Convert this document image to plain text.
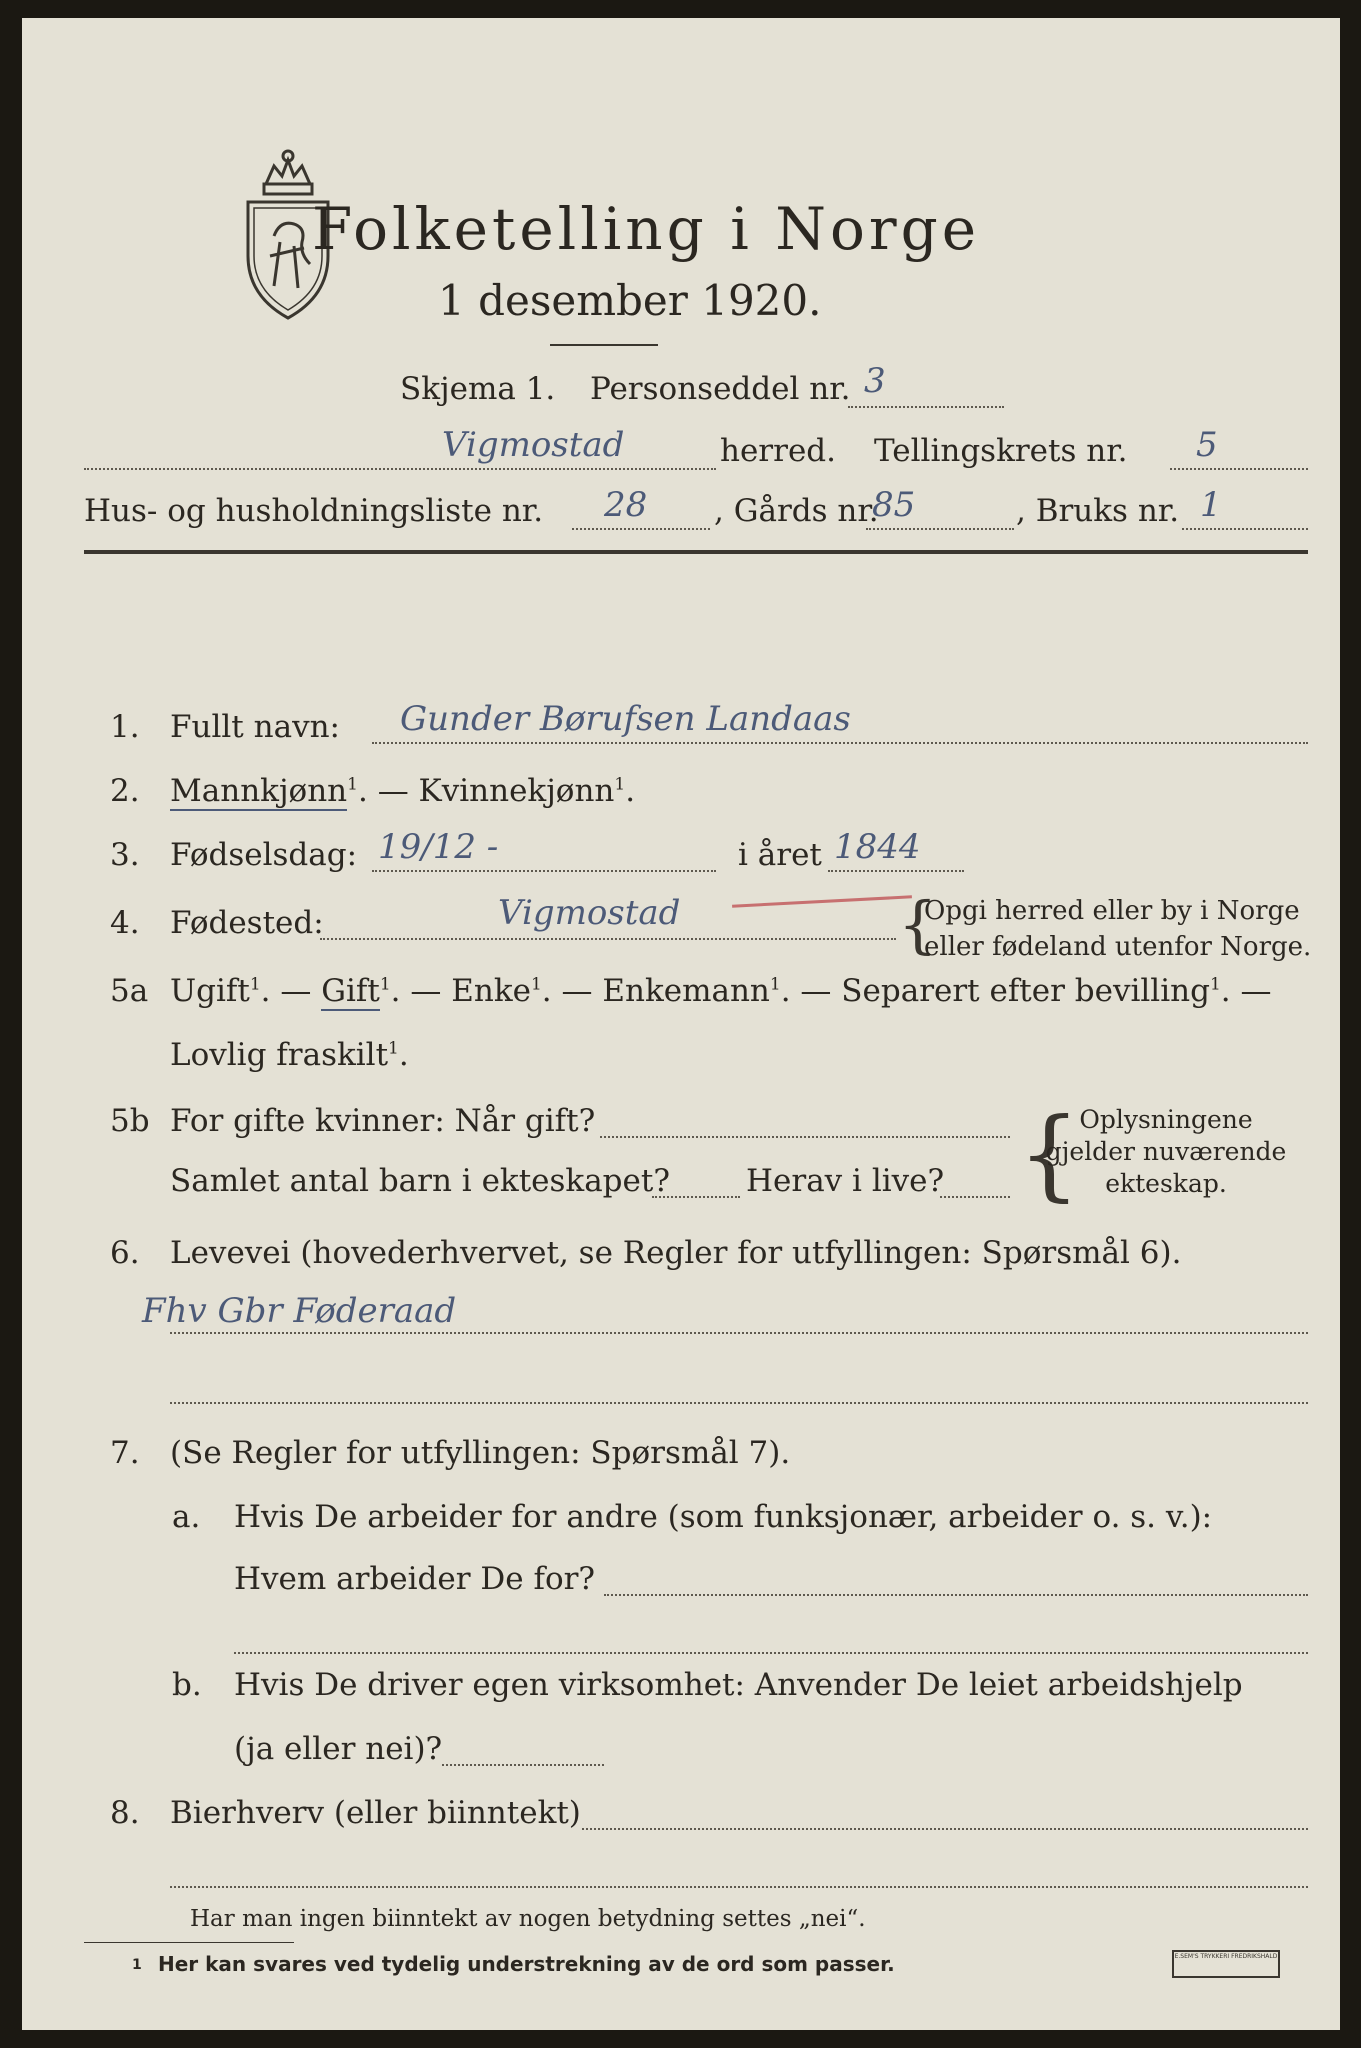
Folketelling i Norge
1 desember 1920.
Skjema 1. Personseddel nr. 3
Vigmostad	herred. Tellingskrets nr. 5
Hus- og husholdningsliste nr. 28 , Gårds nr.
85	, Bruks nr. 1
1. Fullt navn: Gunder Børufsen Landaas
2. Mannkjønn$^1$. — Kvinnekjønn$^1$.
3. Fødselsdag: 19/12 -	i året 1844
4. Fødested:	Vigmostad	{
Opgi herred eller by i Norge
eller fødeland utenfor Norge.
5a Ugift$^1$. — Gift$^1$. — Enke$^1$. — Enkemann$^1$. — Separert efter bevilling$^1$. —
Lovlig fraskilt$^1$.
5b For gifte kvinner: Når gift?
Samlet antal barn i ekteskapet? Herav i live? {
Oplysningene
gjelder nuværende
ekteskap.
6. Levevei (hovederhvervet, se Regler for utfyllingen: Spørsmål 6).
Fhv Gbr Føderaad
7. (Se Regler for utfyllingen: Spørsmål 7).
a. Hvis De arbeider for andre (som funksjonær, arbeider o. s. v.):
Hvem arbeider De for?
b. Hvis De driver egen virksomhet: Anvender De leiet arbeidshjelp
(ja eller nei)?
8. Bierhverv (eller biinntekt)
Har man ingen biinntekt av nogen betydning settes „nei“.
1 Her kan svares ved tydelig understrekning av de ord som passer.	E.SEM'S TRYKKERI FREDRIKSHALD
